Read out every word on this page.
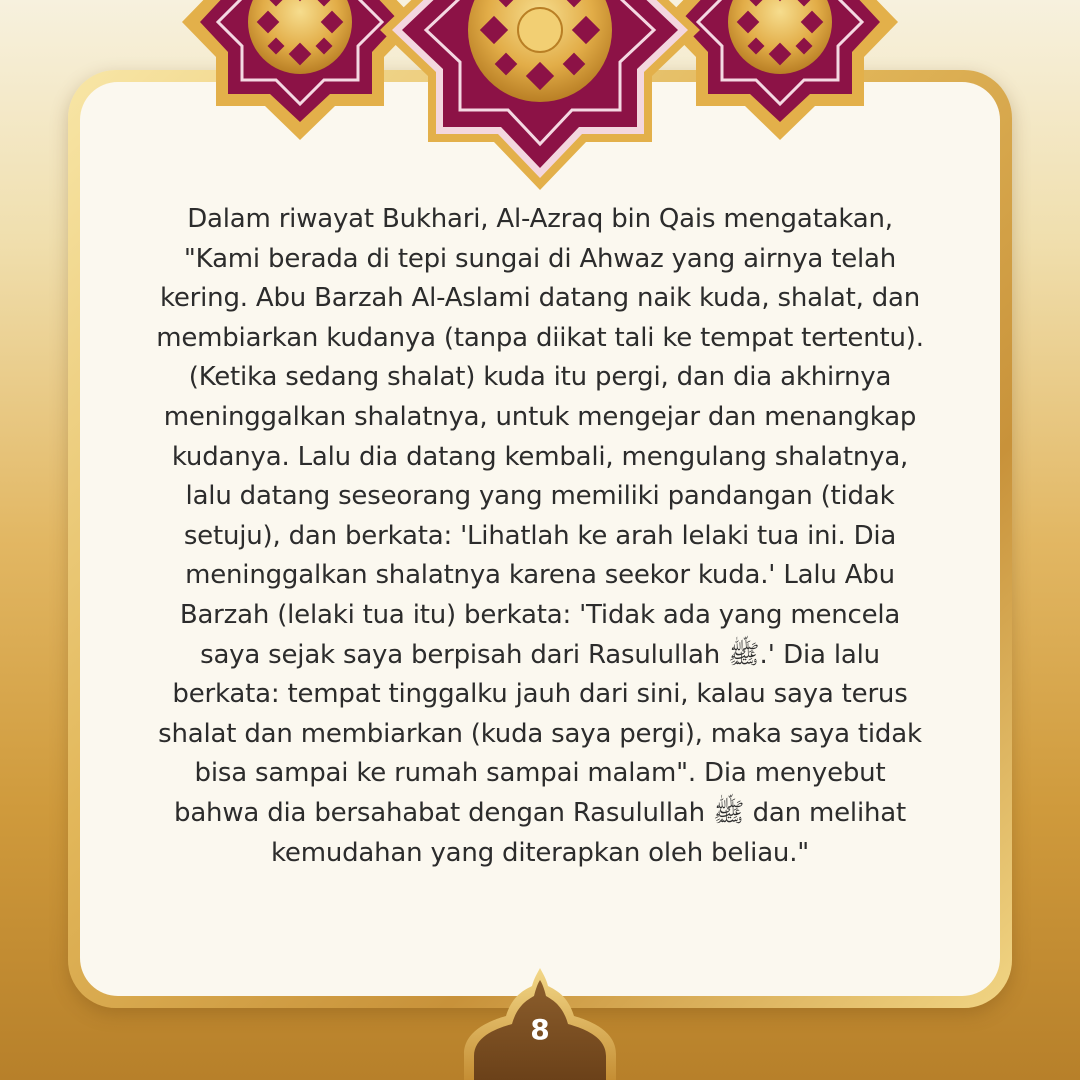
Dalam riwayat Bukhari, Al-Azraq bin Qais mengatakan, "Kami berada di tepi sungai di Ahwaz yang airnya telah kering. Abu Barzah Al-Aslami datang naik kuda, shalat, dan membiarkan kudanya (tanpa diikat tali ke tempat tertentu). (Ketika sedang shalat) kuda itu pergi, dan dia akhirnya meninggalkan shalatnya, untuk mengejar dan menangkap kudanya. Lalu dia datang kembali, mengulang shalatnya, lalu datang seseorang yang memiliki pandangan (tidak setuju), dan berkata: 'Lihatlah ke arah lelaki tua ini. Dia meninggalkan shalatnya karena seekor kuda.' Lalu Abu Barzah (lelaki tua itu) berkata: 'Tidak ada yang mencela saya sejak saya berpisah dari Rasulullah ﷺ.' Dia lalu berkata: tempat tinggalku jauh dari sini, kalau saya terus shalat dan membiarkan (kuda saya pergi), maka saya tidak bisa sampai ke rumah sampai malam". Dia menyebut bahwa dia bersahabat dengan Rasulullah ﷺ dan melihat kemudahan yang diterapkan oleh beliau."

8
